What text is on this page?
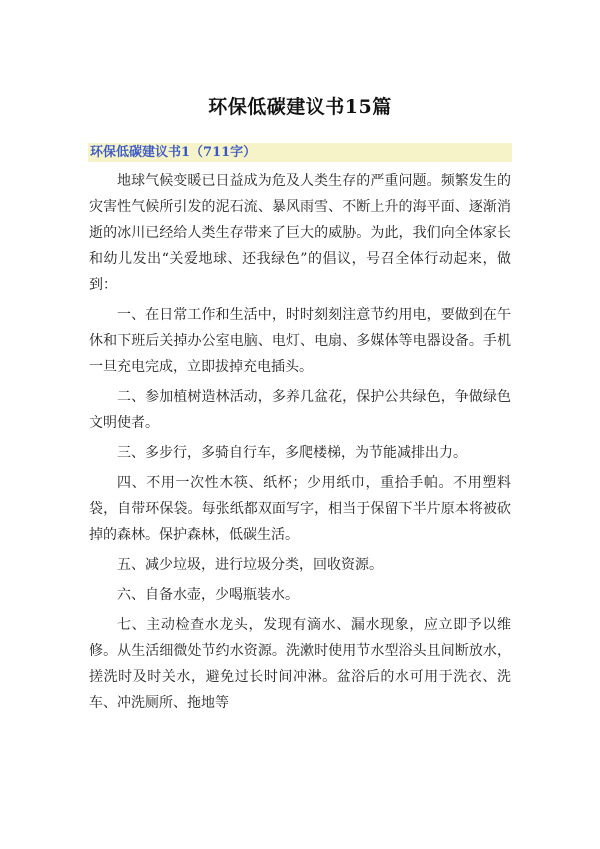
环保低碳建议书15篇
环保低碳建议书1（711字）

地球气候变暖已日益成为危及人类生存的严重问题。频繁发生的灾害性气候所引发的泥石流、暴风雨雪、不断上升的海平面、逐渐消逝的冰川已经给人类生存带来了巨大的威胁。为此，我们向全体家长和幼儿发出“关爱地球、还我绿色”的倡议，号召全体行动起来，做到：

一、在日常工作和生活中，时时刻刻注意节约用电，要做到在午休和下班后关掉办公室电脑、电灯、电扇、多媒体等电器设备。手机一旦充电完成，立即拔掉充电插头。

二、参加植树造林活动，多养几盆花，保护公共绿色，争做绿色文明使者。

三、多步行，多骑自行车，多爬楼梯，为节能减排出力。

四、不用一次性木筷、纸杯；少用纸巾，重拾手帕。不用塑料袋，自带环保袋。每张纸都双面写字，相当于保留下半片原本将被砍掉的森林。保护森林，低碳生活。

五、减少垃圾，进行垃圾分类，回收资源。

六、自备水壶，少喝瓶装水。

七、主动检查水龙头，发现有滴水、漏水现象，应立即予以维修。从生活细微处节约水资源。洗漱时使用节水型浴头且间断放水，搓洗时及时关水，避免过长时间冲淋。盆浴后的水可用于洗衣、洗车、冲洗厕所、拖地等
